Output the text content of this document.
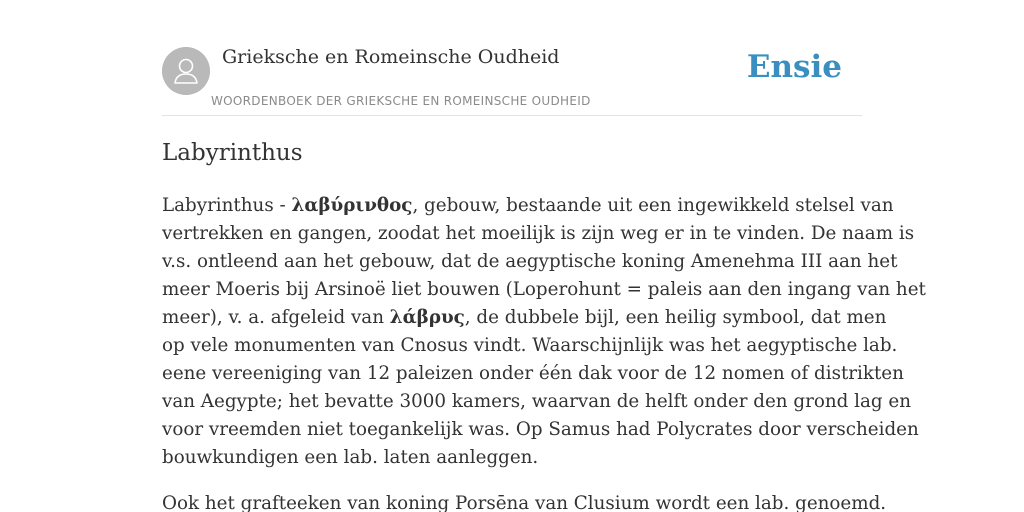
Grieksche en Romeinsche Oudheid
WOORDENBOEK DER GRIEKSCHE EN ROMEINSCHE OUDHEID
Ensie
Labyrinthus
Labyrinthus - λαβύρινθος, gebouw, bestaande uit een ingewikkeld stelsel van
vertrekken en gangen, zoodat het moeilijk is zijn weg er in te vinden. De naam is
v.s. ontleend aan het gebouw, dat de aegyptische koning Amenehma III aan het
meer Moeris bij Arsinoë liet bouwen (Loperohunt = paleis aan den ingang van het
meer), v. a. afgeleid van λάβρυς, de dubbele bijl, een heilig symbool, dat men
op vele monumenten van Cnosus vindt. Waarschijnlijk was het aegyptische lab.
eene vereeniging van 12 paleizen onder één dak voor de 12 nomen of distrikten
van Aegypte; het bevatte 3000 kamers, waarvan de helft onder den grond lag en
voor vreemden niet toegankelijk was. Op Samus had Polycrates door verscheiden
bouwkundigen een lab. laten aanleggen.
Ook het grafteeken van koning Porsēna van Clusium wordt een lab. genoemd.
